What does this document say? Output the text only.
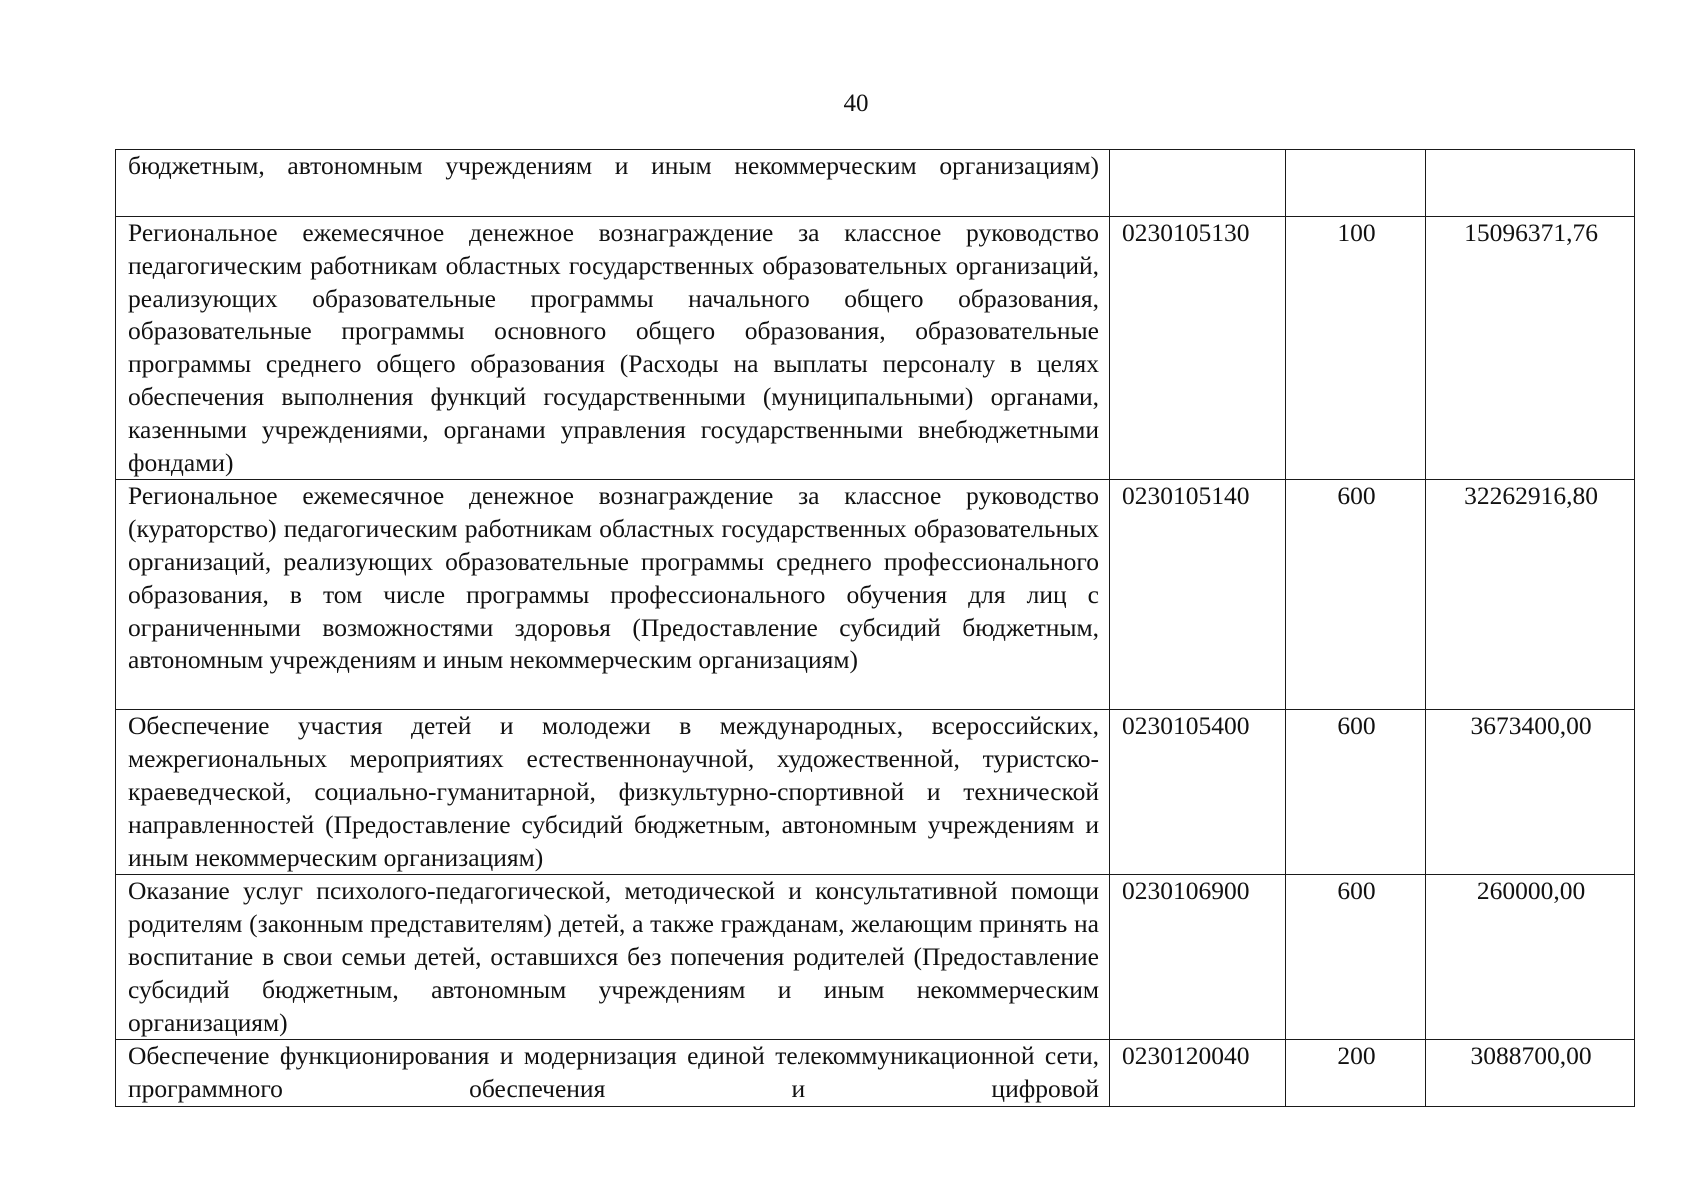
40
бюджетным, автономным учреждениям и иным некоммерческим организациям)			
Региональное ежемесячное денежное вознаграждение за классное руководство педагогическим работникам областных государственных образовательных организаций, реализующих образовательные программы начального общего образования, образовательные программы основного общего образования, образовательные программы среднего общего образования (Расходы на выплаты персоналу в целях обеспечения выполнения функций государственными (муниципальными) органами, казенными учреждениями, органами управления государственными внебюджетными фондами)	0230105130	100	15096371,76
Региональное ежемесячное денежное вознаграждение за классное руководство (кураторство) педагогическим работникам областных государственных образовательных организаций, реализующих образовательные программы среднего профессионального образования, в том числе программы профессионального обучения для лиц с ограниченными возможностями здоровья (Предоставление субсидий бюджетным, автономным учреждениям и иным некоммерческим организациям)	0230105140	600	32262916,80
Обеспечение участия детей и молодежи в международных, всероссийских, межрегиональных мероприятиях естественнонаучной, художественной, туристско-краеведческой, социально-гуманитарной, физкультурно-спортивной и технической направленностей (Предоставление субсидий бюджетным, автономным учреждениям и иным некоммерческим организациям)	0230105400	600	3673400,00
Оказание услуг психолого-педагогической, методической и консультативной помощи родителям (законным представителям) детей, а также гражданам, желающим принять на воспитание в свои семьи детей, оставшихся без попечения родителей (Предоставление субсидий бюджетным, автономным учреждениям и иным некоммерческим организациям)	0230106900	600	260000,00
Обеспечение функционирования и модернизация единой телекоммуникационной сети, программного обеспечения и цифровой	0230120040	200	3088700,00
